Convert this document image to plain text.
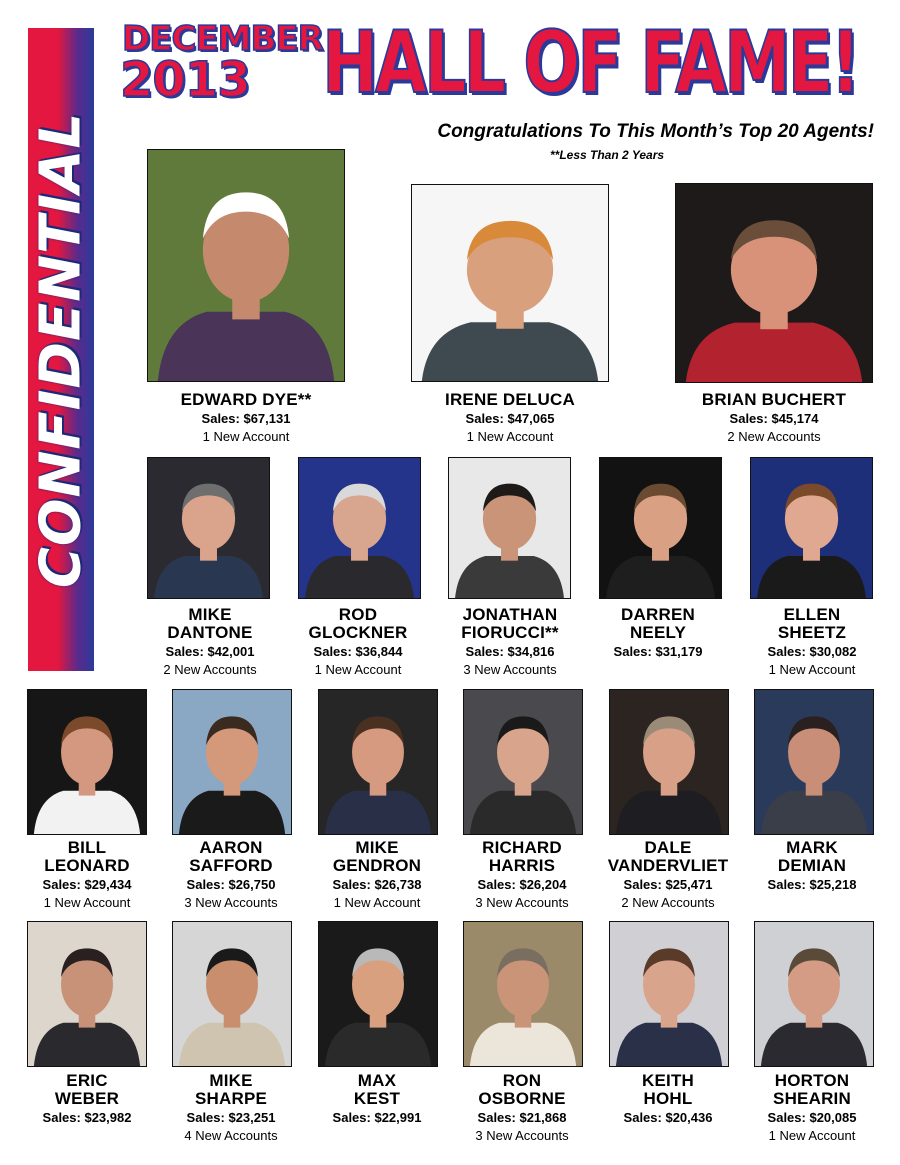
CONFIDENTIAL
DECEMBER
2013 HALL OF FAME!
Congratulations To This Month’s Top 20 Agents!
**Less Than 2 Years
EDWARD DYE**
Sales: $67,131
1 New Account
IRENE DELUCA
Sales: $47,065
1 New Account
BRIAN BUCHERT
Sales: $45,174
2 New Accounts
MIKE
DANTONE
Sales: $42,001
2 New Accounts
ROD
GLOCKNER
Sales: $36,844
1 New Account
JONATHAN
FIORUCCI**
Sales: $34,816
3 New Accounts
DARREN
NEELY
Sales: $31,179
ELLEN
SHEETZ
Sales: $30,082
1 New Account
BILL
LEONARD
Sales: $29,434
1 New Account
AARON
SAFFORD
Sales: $26,750
3 New Accounts
MIKE
GENDRON
Sales: $26,738
1 New Account
RICHARD
HARRIS
Sales: $26,204
3 New Accounts
DALE
VANDERVLIET
Sales: $25,471
2 New Accounts
MARK
DEMIAN
Sales: $25,218
ERIC
WEBER
Sales: $23,982
MIKE
SHARPE
Sales: $23,251
4 New Accounts
MAX
KEST
Sales: $22,991
RON
OSBORNE
Sales: $21,868
3 New Accounts
KEITH
HOHL
Sales: $20,436
HORTON
SHEARIN
Sales: $20,085
1 New Account
